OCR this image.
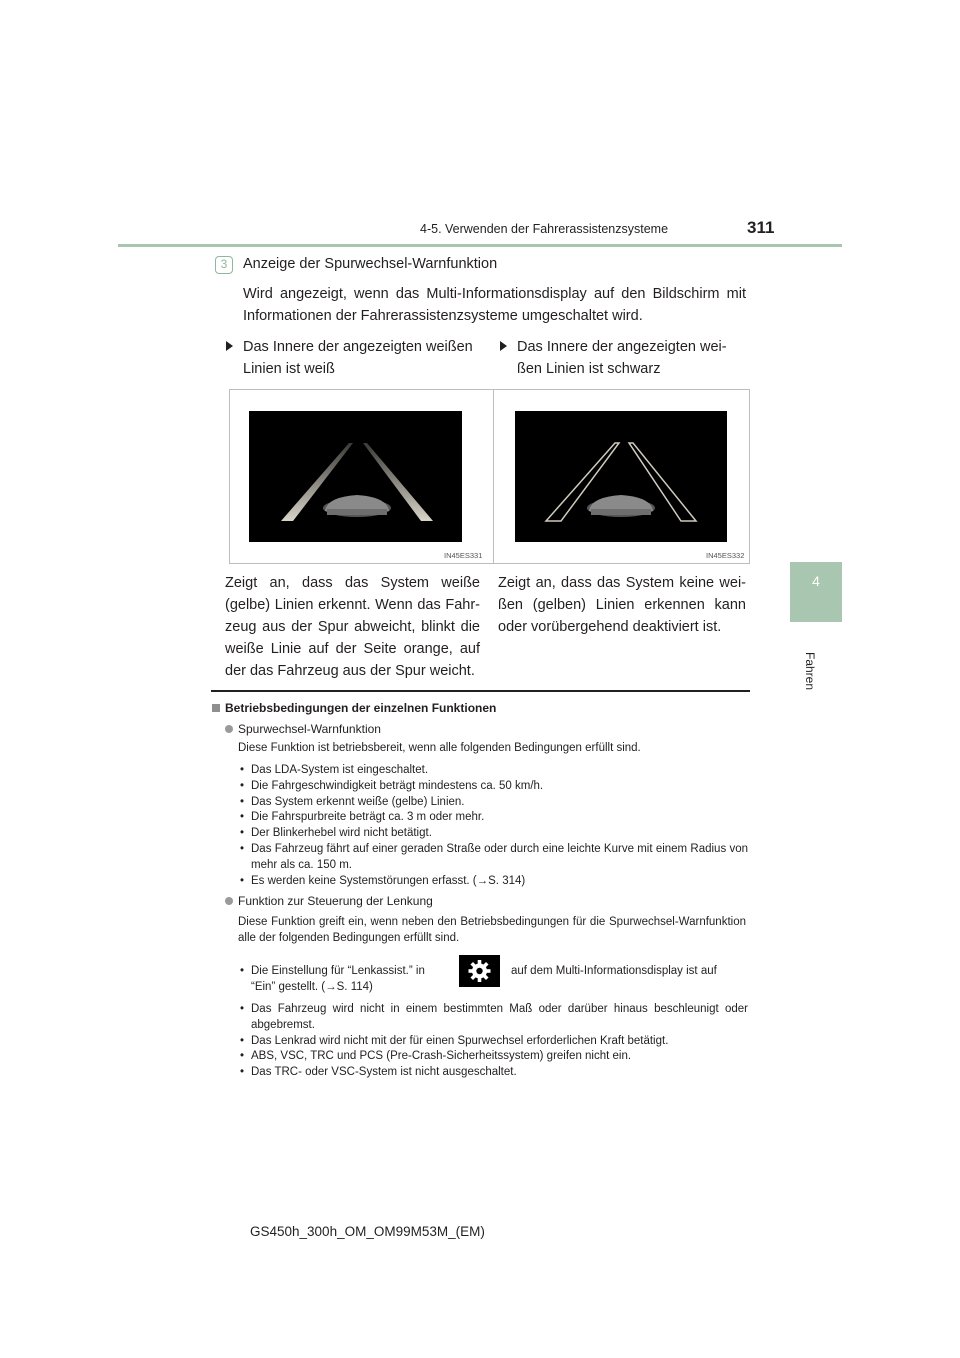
4-5. Verwenden der Fahrerassistenzsysteme	311
4
Fahren
3	Anzeige der Spurwechsel-Warnfunktion
Wird angezeigt, wenn das Multi-Informationsdisplay auf den Bildschirm mit Informationen der Fahrerassistenzsysteme umgeschaltet wird.
Das Innere der angezeigten weißen Linien ist weiß
Das Innere der angezeigten wei-ßen Linien ist schwarz
IN45ES331	IN45ES332
Zeigt an, dass das System weiße (gelbe) Linien erkennt. Wenn das Fahr-zeug aus der Spur abweicht, blinkt die weiße Linie auf der Seite orange, auf der das Fahrzeug aus der Spur weicht.
Zeigt an, dass das System keine wei-ßen (gelben) Linien erkennen kann oder vorübergehend deaktiviert ist.
Betriebsbedingungen der einzelnen Funktionen
Spurwechsel-Warnfunktion
Diese Funktion ist betriebsbereit, wenn alle folgenden Bedingungen erfüllt sind.
• Das LDA-System ist eingeschaltet.
• Die Fahrgeschwindigkeit beträgt mindestens ca. 50 km/h.
• Das System erkennt weiße (gelbe) Linien.
• Die Fahrspurbreite beträgt ca. 3 m oder mehr.
• Der Blinkerhebel wird nicht betätigt.
• Das Fahrzeug fährt auf einer geraden Straße oder durch eine leichte Kurve mit einem Radius von mehr als ca. 150 m.
• Es werden keine Systemstörungen erfasst. (→S. 314)
Funktion zur Steuerung der Lenkung
Diese Funktion greift ein, wenn neben den Betriebsbedingungen für die Spurwechsel-Warnfunktion alle der folgenden Bedingungen erfüllt sind.
• Die Einstellung für “Lenkassist.” in	auf dem Multi-Informationsdisplay ist auf
“Ein” gestellt. (→S. 114)
• Das Fahrzeug wird nicht in einem bestimmten Maß oder darüber hinaus beschleunigt oder abgebremst.
• Das Lenkrad wird nicht mit der für einen Spurwechsel erforderlichen Kraft betätigt.
• ABS, VSC, TRC und PCS (Pre-Crash-Sicherheitssystem) greifen nicht ein.
• Das TRC- oder VSC-System ist nicht ausgeschaltet.
GS450h_300h_OM_OM99M53M_(EM)
